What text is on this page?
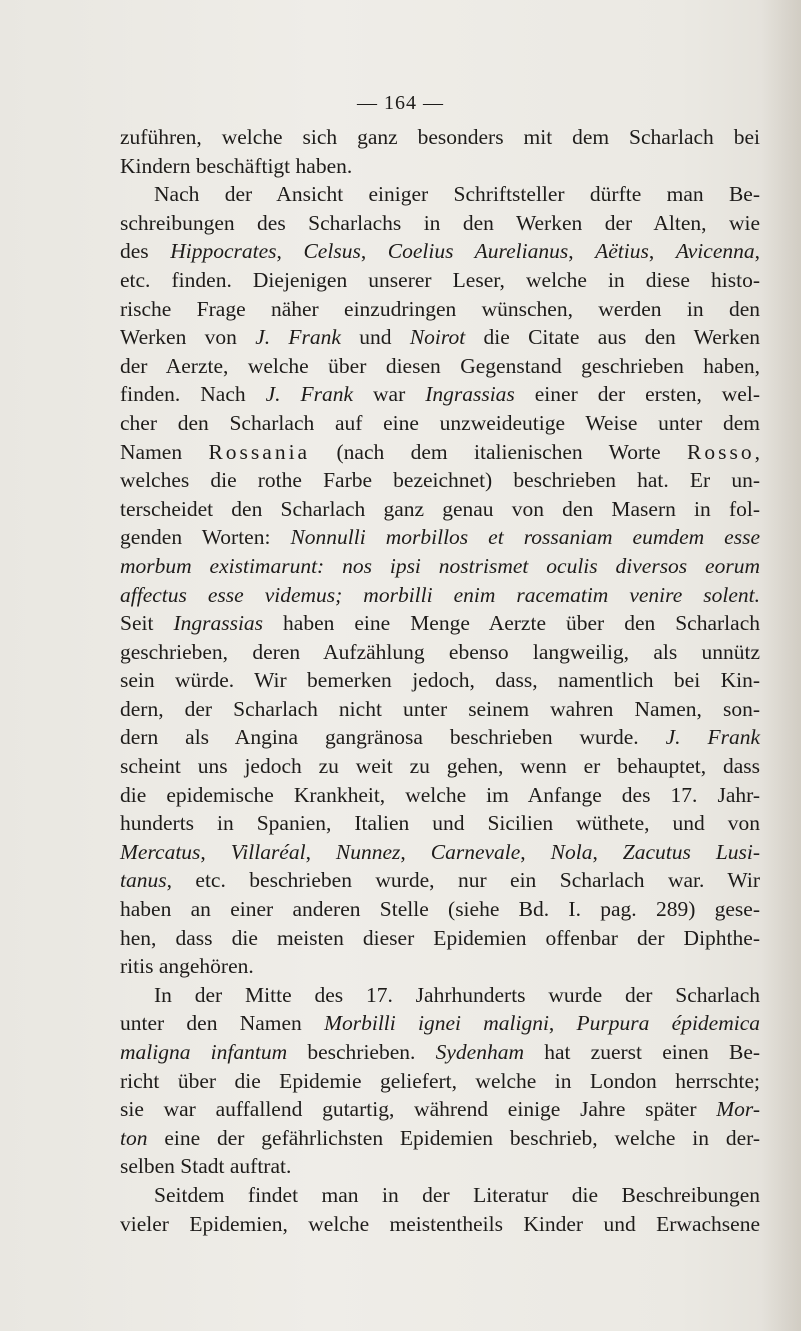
— 164 —
zuführen, welche sich ganz besonders mit dem Scharlach bei
Kindern beschäftigt haben.
Nach der Ansicht einiger Schriftsteller dürfte man Be-
schreibungen des Scharlachs in den Werken der Alten, wie
des Hippocrates, Celsus, Coelius Aurelianus, Aëtius, Avicenna,
etc. finden. Diejenigen unserer Leser, welche in diese histo-
rische Frage näher einzudringen wünschen, werden in den
Werken von J. Frank und Noirot die Citate aus den Werken
der Aerzte, welche über diesen Gegenstand geschrieben haben,
finden. Nach J. Frank war Ingrassias einer der ersten, wel-
cher den Scharlach auf eine unzweideutige Weise unter dem
Namen Rossania (nach dem italienischen Worte Rosso,
welches die rothe Farbe bezeichnet) beschrieben hat. Er un-
terscheidet den Scharlach ganz genau von den Masern in fol-
genden Worten: Nonnulli morbillos et rossaniam eumdem esse
morbum existimarunt: nos ipsi nostrismet oculis diversos eorum
affectus esse videmus; morbilli enim racematim venire solent.
Seit Ingrassias haben eine Menge Aerzte über den Scharlach
geschrieben, deren Aufzählung ebenso langweilig, als unnütz
sein würde. Wir bemerken jedoch, dass, namentlich bei Kin-
dern, der Scharlach nicht unter seinem wahren Namen, son-
dern als Angina gangränosa beschrieben wurde. J. Frank
scheint uns jedoch zu weit zu gehen, wenn er behauptet, dass
die epidemische Krankheit, welche im Anfange des 17. Jahr-
hunderts in Spanien, Italien und Sicilien wüthete, und von
Mercatus, Villaréal, Nunnez, Carnevale, Nola, Zacutus Lusi-
tanus, etc. beschrieben wurde, nur ein Scharlach war. Wir
haben an einer anderen Stelle (siehe Bd. I. pag. 289) gese-
hen, dass die meisten dieser Epidemien offenbar der Diphthe-
ritis angehören.
In der Mitte des 17. Jahrhunderts wurde der Scharlach
unter den Namen Morbilli ignei maligni, Purpura épidemica
maligna infantum beschrieben. Sydenham hat zuerst einen Be-
richt über die Epidemie geliefert, welche in London herrschte;
sie war auffallend gutartig, während einige Jahre später Mor-
ton eine der gefährlichsten Epidemien beschrieb, welche in der-
selben Stadt auftrat.
Seitdem findet man in der Literatur die Beschreibungen
vieler Epidemien, welche meistentheils Kinder und Erwachsene
